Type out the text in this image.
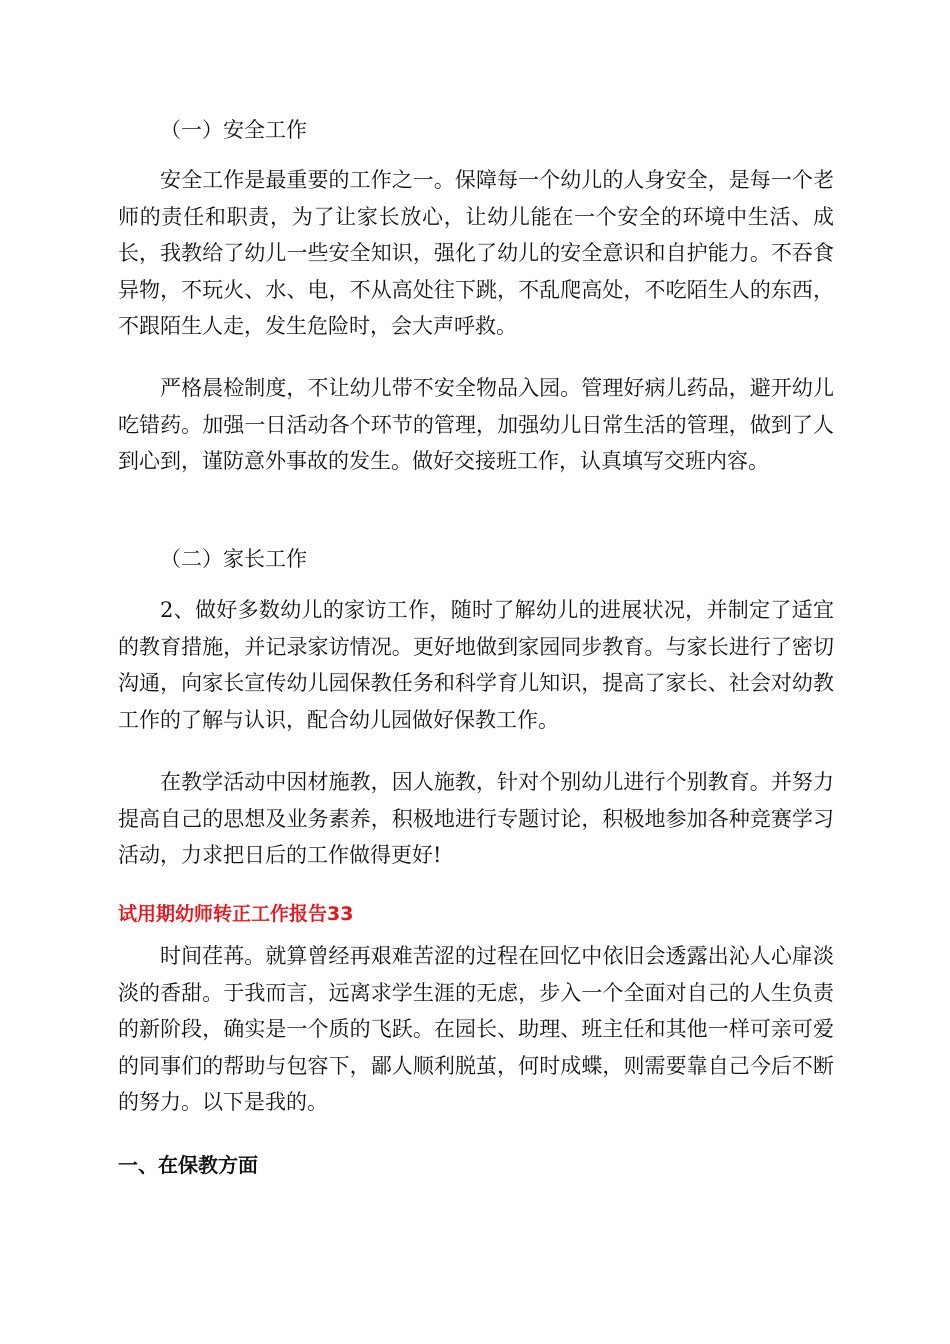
（一）安全工作

安全工作是最重要的工作之一。保障每一个幼儿的人身安全，是每一个老师的责任和职责，为了让家长放心，让幼儿能在一个安全的环境中生活、成长，我教给了幼儿一些安全知识，强化了幼儿的安全意识和自护能力。不吞食异物，不玩火、水、电，不从高处往下跳，不乱爬高处，不吃陌生人的东西，不跟陌生人走，发生危险时，会大声呼救。

严格晨检制度，不让幼儿带不安全物品入园。管理好病儿药品，避开幼儿吃错药。加强一日活动各个环节的管理，加强幼儿日常生活的管理，做到了人到心到，谨防意外事故的发生。做好交接班工作，认真填写交班内容。

（二）家长工作

2、做好多数幼儿的家访工作，随时了解幼儿的进展状况，并制定了适宜的教育措施，并记录家访情况。更好地做到家园同步教育。与家长进行了密切沟通，向家长宣传幼儿园保教任务和科学育儿知识，提高了家长、社会对幼教工作的了解与认识，配合幼儿园做好保教工作。

在教学活动中因材施教，因人施教，针对个别幼儿进行个别教育。并努力提高自己的思想及业务素养，积极地进行专题讨论，积极地参加各种竞赛学习活动，力求把日后的工作做得更好!

试用期幼师转正工作报告33

时间荏苒。就算曾经再艰难苦涩的过程在回忆中依旧会透露出沁人心扉淡淡的香甜。于我而言，远离求学生涯的无虑，步入一个全面对自己的人生负责的新阶段，确实是一个质的飞跃。在园长、助理、班主任和其他一样可亲可爱的同事们的帮助与包容下，鄙人顺利脱茧，何时成蝶，则需要靠自己今后不断的努力。以下是我的。

一、在保教方面
